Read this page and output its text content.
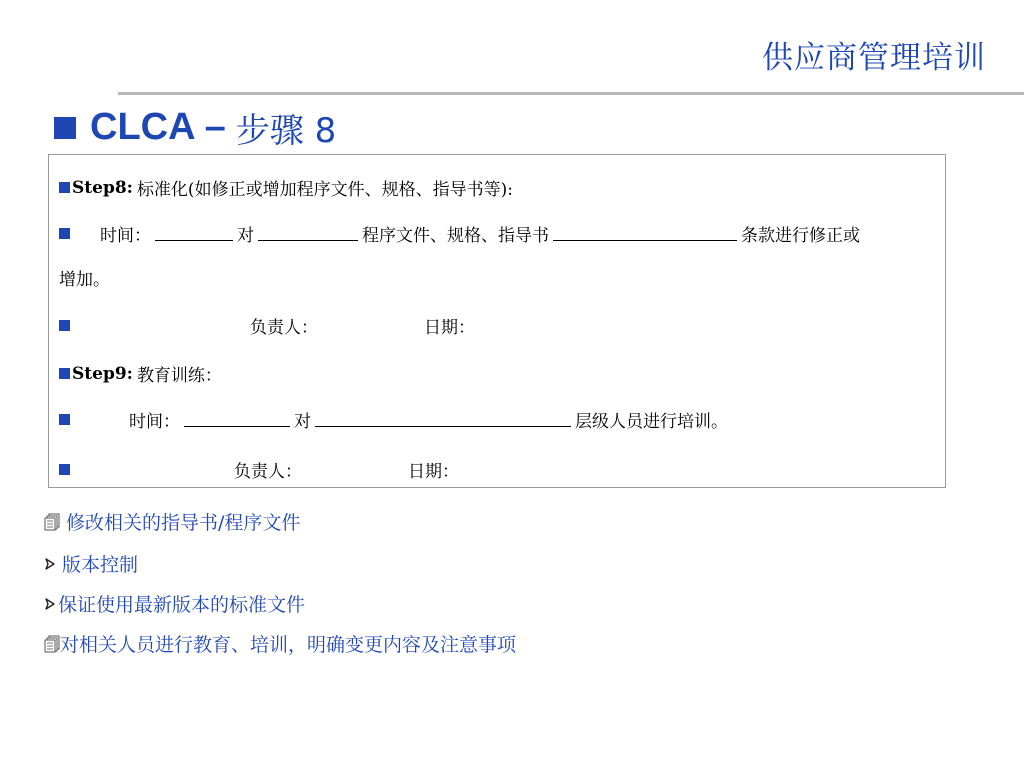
供应商管理培训
CLCA – 步骤 8
Step8: 标准化(如修正或增加程序文件、规格、指导书等):
时间：	对	程序文件、规格、指导书	条款进行修正或
增加。
负责人：	日期：
Step9: 教育训练：
时间：	对	层级人员进行培训。
负责人：	日期：
修改相关的指导书/程序文件
版本控制
保证使用最新版本的标准文件
对相关人员进行教育、培训，明确变更内容及注意事项
